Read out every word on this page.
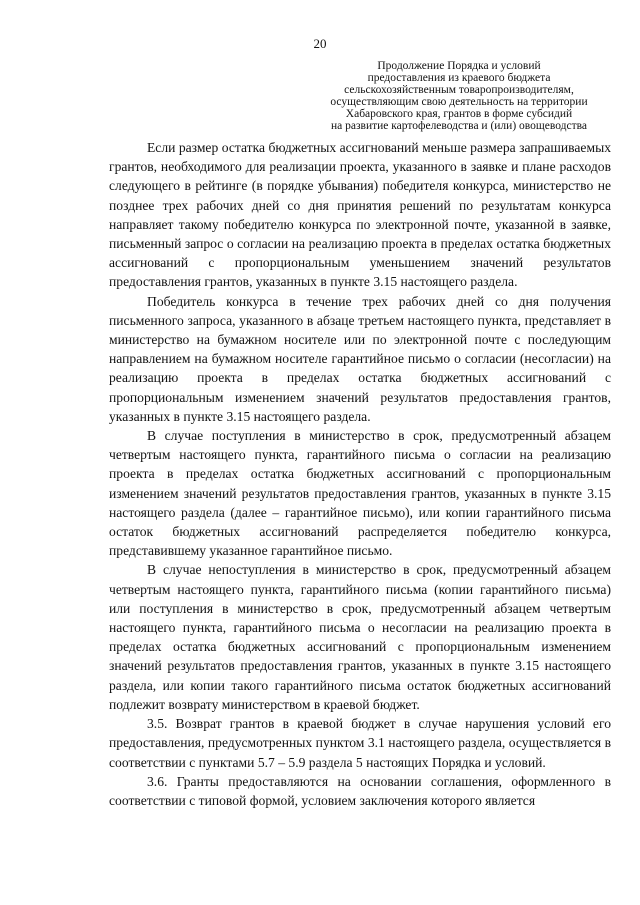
20
Продолжение Порядка и условий
предоставления из краевого бюджета
сельскохозяйственным товаропроизводителям,
осуществляющим свою деятельность на территории
Хабаровского края, грантов в форме субсидий
на развитие картофелеводства и (или) овощеводства

Если размер остатка бюджетных ассигнований меньше размера запрашиваемых грантов, необходимого для реализации проекта, указанного в заявке и плане расходов следующего в рейтинге (в порядке убывания) победителя конкурса, министерство не позднее трех рабочих дней со дня принятия решений по результатам конкурса направляет такому победителю конкурса по электронной почте, указанной в заявке, письменный запрос о согласии на реализацию проекта в пределах остатка бюджетных ассигнований с пропорциональным уменьшением значений результатов предоставления грантов, указанных в пункте 3.15 настоящего раздела.

Победитель конкурса в течение трех рабочих дней со дня получения письменного запроса, указанного в абзаце третьем настоящего пункта, представляет в министерство на бумажном носителе или по электронной почте с последующим направлением на бумажном носителе гарантийное письмо о согласии (несогласии) на реализацию проекта в пределах остатка бюджетных ассигнований с пропорциональным изменением значений результатов предоставления грантов, указанных в пункте 3.15 настоящего раздела.

В случае поступления в министерство в срок, предусмотренный абзацем четвертым настоящего пункта, гарантийного письма о согласии на реализацию проекта в пределах остатка бюджетных ассигнований с пропорциональным изменением значений результатов предоставления грантов, указанных в пункте 3.15 настоящего раздела (далее – гарантийное письмо), или копии гарантийного письма остаток бюджетных ассигнований распределяется победителю конкурса, представившему указанное гарантийное письмо.

В случае непоступления в министерство в срок, предусмотренный абзацем четвертым настоящего пункта, гарантийного письма (копии гарантийного письма) или поступления в министерство в срок, предусмотренный абзацем четвертым настоящего пункта, гарантийного письма о несогласии на реализацию проекта в пределах остатка бюджетных ассигнований с пропорциональным изменением значений результатов предоставления грантов, указанных в пункте 3.15 настоящего раздела, или копии такого гарантийного письма остаток бюджетных ассигнований подлежит возврату министерством в краевой бюджет.

3.5. Возврат грантов в краевой бюджет в случае нарушения условий его предоставления, предусмотренных пунктом 3.1 настоящего раздела, осуществляется в соответствии с пунктами 5.7 – 5.9 раздела 5 настоящих Порядка и условий.

3.6. Гранты предоставляются на основании соглашения, оформленного в соответствии с типовой формой, условием заключения которого является
